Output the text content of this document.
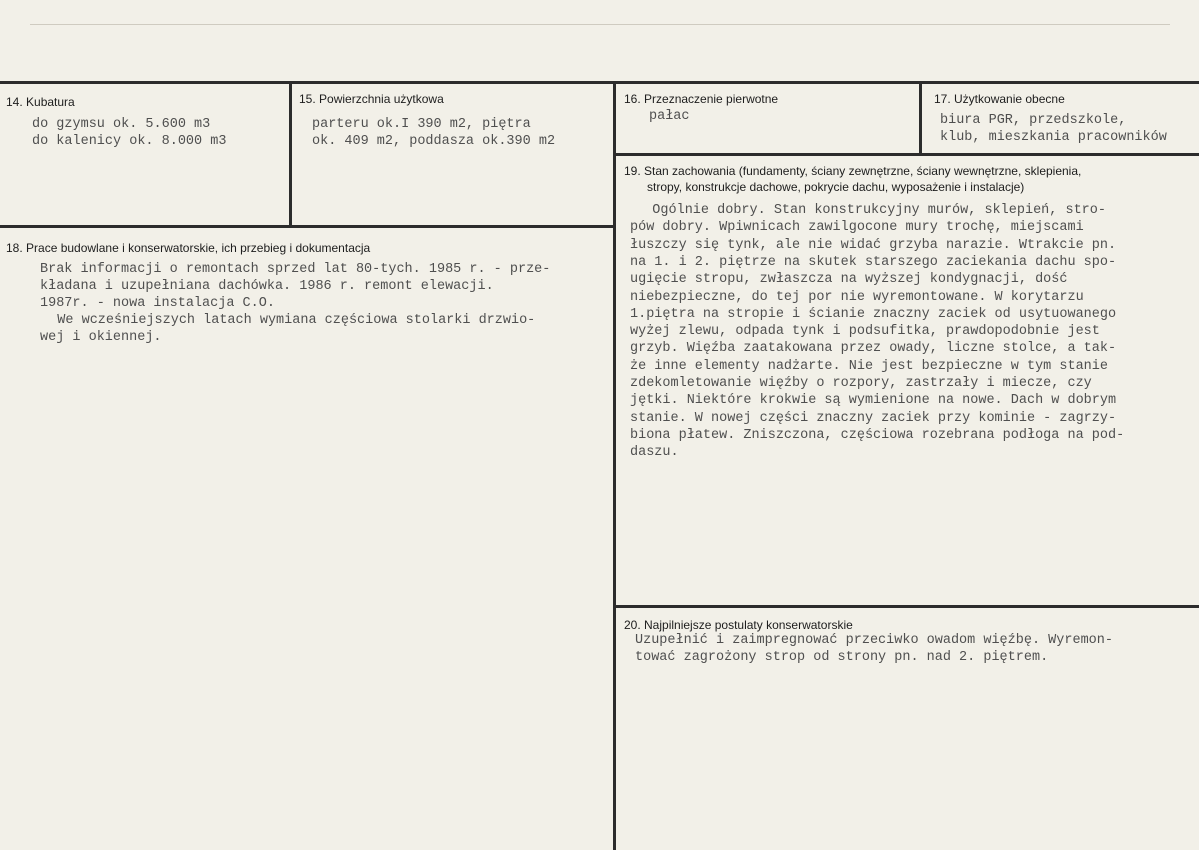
14. Kubatura
do gzymsu ok. 5.600 m3
do kalenicy ok. 8.000 m3
15. Powierzchnia użytkowa
parteru ok.I 390 m2, piętra
ok. 409 m2, poddasza ok.390 m2
16. Przeznaczenie pierwotne
pałac
17. Użytkowanie obecne
biura PGR, przedszkole,
klub, mieszkania pracowników
18. Prace budowlane i konserwatorskie, ich przebieg i dokumentacja
Brak informacji o remontach sprzed lat 80-tych. 1985 r. - prze-
kładana i uzupełniana dachówka. 1986 r. remont elewacji.
1987r. - nowa instalacja C.O.
We wcześniejszych latach wymiana częściowa stolarki drzwio-
wej i okiennej.
19. Stan zachowania (fundamenty, ściany zewnętrzne, ściany wewnętrzne, sklepienia,
stropy, konstrukcje dachowe, pokrycie dachu, wyposażenie i instalacje)
Ogólnie dobry. Stan konstrukcyjny murów, sklepień, stro-
pów dobry. Wpiwnicach zawilgocone mury trochę, miejscami
łuszczy się tynk, ale nie widać grzyba narazie. Wtrakcie pn.
na 1. i 2. piętrze na skutek starszego zaciekania dachu spo-
ugięcie stropu, zwłaszcza na wyższej kondygnacji, dość
niebezpieczne, do tej por nie wyremontowane. W korytarzu
1.piętra na stropie i ścianie znaczny zaciek od usytuowanego
wyżej zlewu, odpada tynk i podsufitka, prawdopodobnie jest
grzyb. Więźba zaatakowana przez owady, liczne stolce, a tak-
że inne elementy nadżarte. Nie jest bezpieczne w tym stanie
zdekomletowanie więźby o rozpory, zastrzały i miecze, czy
jętki. Niektóre krokwie są wymienione na nowe. Dach w dobrym
stanie. W nowej części znaczny zaciek przy kominie - zagrzy-
biona płatew. Zniszczona, częściowa rozebrana podłoga na pod-
daszu.
20. Najpilniejsze postulaty konserwatorskie
Uzupełnić i zaimpregnować przeciwko owadom więźbę. Wyremon-
tować zagrożony strop od strony pn. nad 2. piętrem.
